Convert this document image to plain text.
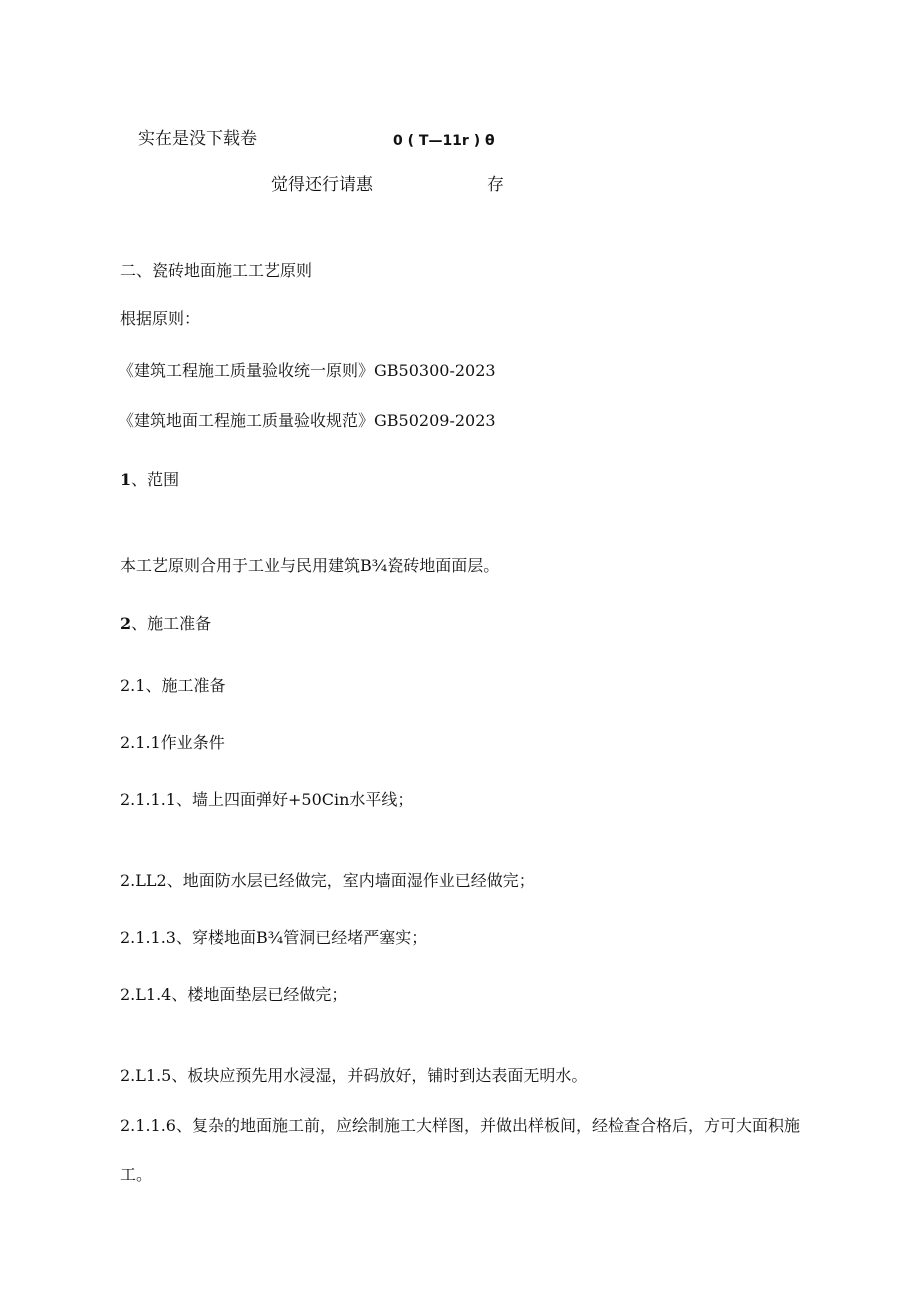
实在是没下载卷	0 ( T—11r ) θ
觉得还行请惠	存
二、瓷砖地面施工工艺原则
根据原则：
《建筑工程施工质量验收统一原则》GB50300-2023
《建筑地面工程施工质量验收规范》GB50209-2023
1、范围
本工艺原则合用于工业与民用建筑B¾瓷砖地面面层。
2、施工准备
2.1、施工准备
2.1.1作业条件
2.1.1.1、墙上四面弹好+50Cin水平线；
2.LL2、地面防水层已经做完，室内墙面湿作业已经做完；
2.1.1.3、穿楼地面B¾管洞已经堵严塞实；
2.L1.4、楼地面垫层已经做完；
2.L1.5、板块应预先用水浸湿，并码放好，铺时到达表面无明水。
2.1.1.6、复杂的地面施工前，应绘制施工大样图，并做出样板间，经检查合格后，方可大面积施
工。
